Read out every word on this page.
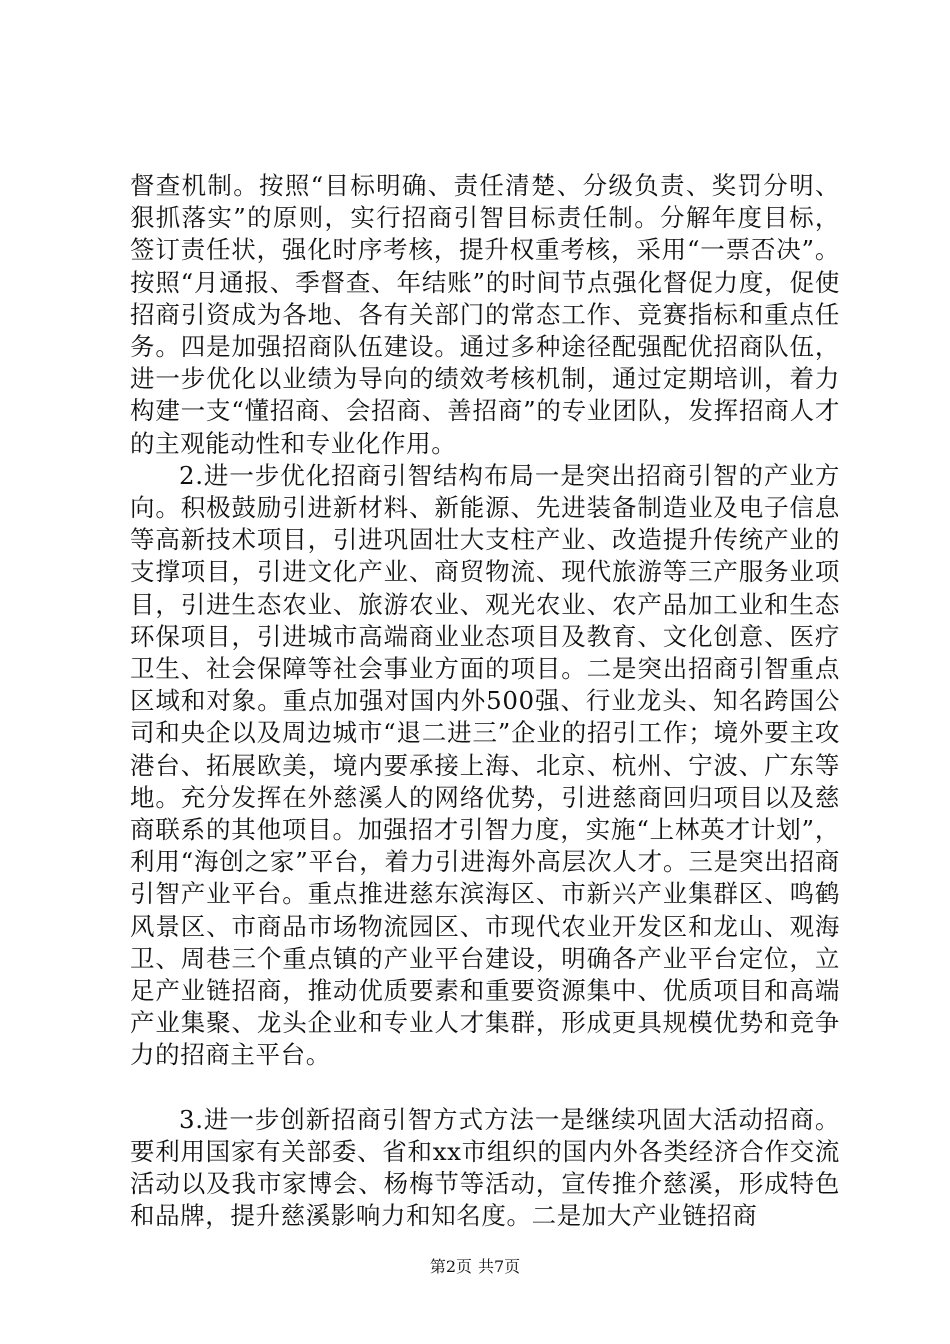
督查机制。按照“目标明确、责任清楚、分级负责、奖罚分明、狠抓落实”的原则，实行招商引智目标责任制。分解年度目标，签订责任状，强化时序考核，提升权重考核，采用“一票否决”。按照“月通报、季督查、年结账”的时间节点强化督促力度，促使招商引资成为各地、各有关部门的常态工作、竞赛指标和重点任务。四是加强招商队伍建设。通过多种途径配强配优招商队伍，进一步优化以业绩为导向的绩效考核机制，通过定期培训，着力构建一支“懂招商、会招商、善招商”的专业团队，发挥招商人才的主观能动性和专业化作用。

2.进一步优化招商引智结构布局一是突出招商引智的产业方向。积极鼓励引进新材料、新能源、先进装备制造业及电子信息等高新技术项目，引进巩固壮大支柱产业、改造提升传统产业的支撑项目，引进文化产业、商贸物流、现代旅游等三产服务业项目，引进生态农业、旅游农业、观光农业、农产品加工业和生态环保项目，引进城市高端商业业态项目及教育、文化创意、医疗卫生、社会保障等社会事业方面的项目。二是突出招商引智重点区域和对象。重点加强对国内外500强、行业龙头、知名跨国公司和央企以及周边城市“退二进三”企业的招引工作；境外要主攻港台、拓展欧美，境内要承接上海、北京、杭州、宁波、广东等地。充分发挥在外慈溪人的网络优势，引进慈商回归项目以及慈商联系的其他项目。加强招才引智力度，实施“上林英才计划”，利用“海创之家”平台，着力引进海外高层次人才。三是突出招商引智产业平台。重点推进慈东滨海区、市新兴产业集群区、鸣鹤风景区、市商品市场物流园区、市现代农业开发区和龙山、观海卫、周巷三个重点镇的产业平台建设，明确各产业平台定位，立足产业链招商，推动优质要素和重要资源集中、优质项目和高端产业集聚、龙头企业和专业人才集群，形成更具规模优势和竞争力的招商主平台。

3.进一步创新招商引智方式方法一是继续巩固大活动招商。要利用国家有关部委、省和xx市组织的国内外各类经济合作交流活动以及我市家博会、杨梅节等活动，宣传推介慈溪，形成特色和品牌，提升慈溪影响力和知名度。二是加大产业链招商

第2页 共7页
